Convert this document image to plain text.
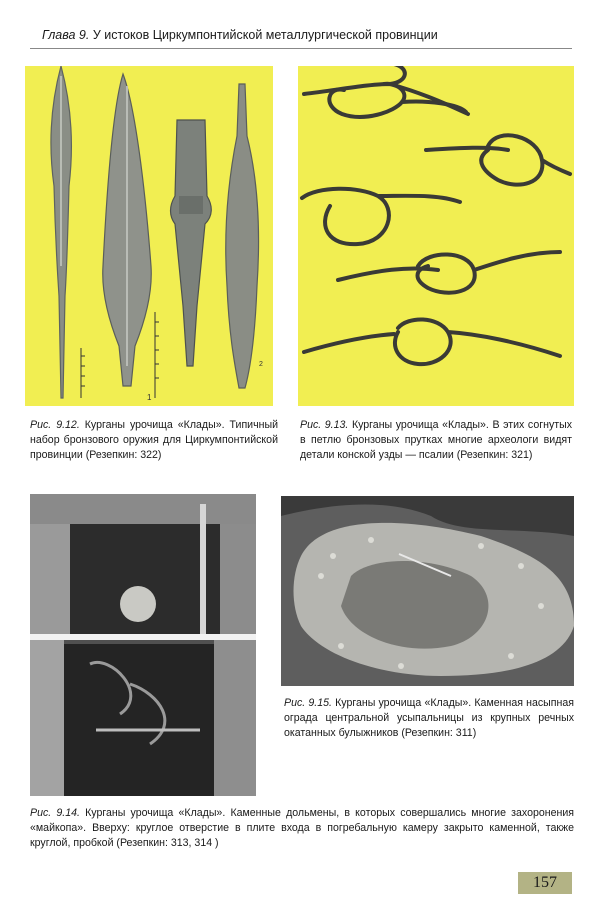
Глава 9. У истоков Циркумпонтийской металлургической провинции
1
2
Рис. 9.12. Курганы урочища «Клады». Типичный набор бронзового оружия для Циркумпонтийской провинции (Резепкин: 322)
Рис. 9.13. Курганы урочища «Клады». В этих согнутых в петлю бронзовых прутках многие археологи видят детали конской узды — псалии (Резепкин: 321)
Рис. 9.15. Курганы урочища «Клады». Каменная насыпная ограда центральной усыпальницы из крупных речных окатанных булыжников (Резепкин: 311)
Рис. 9.14. Курганы урочища «Клады». Каменные дольмены, в которых совершались многие захоронения «майкопа». Вверху: круглое отверстие в плите входа в погребальную камеру закрыто каменной, также круглой, пробкой (Резепкин: 313, 314 )
157
